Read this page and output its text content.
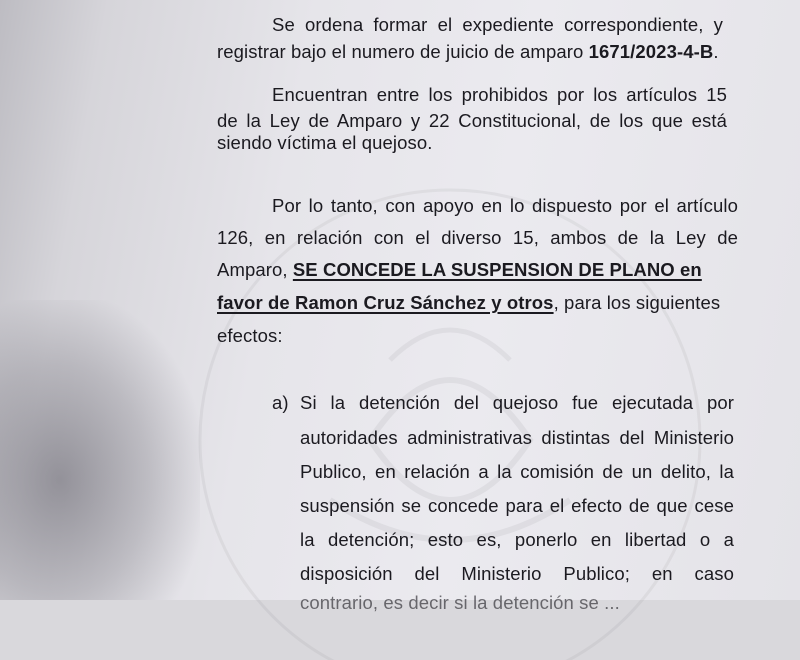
Se ordena formar el expediente correspondiente, y
registrar bajo el numero de juicio de amparo 1671/2023-4-B.
Encuentran entre los prohibidos por los artículos 15
de la Ley de Amparo y 22 Constitucional, de los que está
siendo víctima el quejoso.
Por lo tanto, con apoyo en lo dispuesto por el artículo
126, en relación con el diverso 15, ambos de la Ley de
Amparo, SE CONCEDE LA SUSPENSION DE PLANO en
favor de Ramon Cruz Sánchez y otros, para los siguientes
efectos:
a) Si la detención del quejoso fue ejecutada por
autoridades administrativas distintas del Ministerio
Publico, en relación a la comisión de un delito, la
suspensión se concede para el efecto de que cese
la detención; esto es, ponerlo en libertad o a
disposición del Ministerio Publico; en caso
contrario, es decir si la detención se ...
